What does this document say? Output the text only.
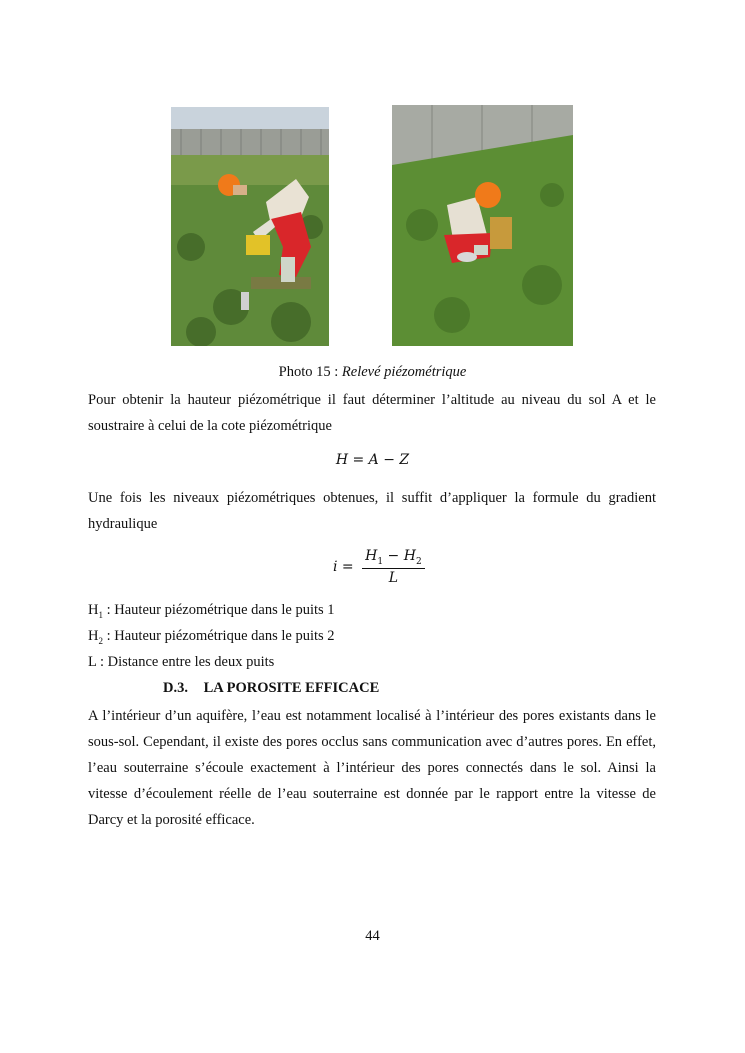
Photo 15 : Relevé piézométrique
Pour obtenir la hauteur piézométrique il faut déterminer l’altitude au niveau du sol A et le soustraire à celui de la cote piézométrique
H = A − Z
Une fois les niveaux piézométriques obtenues, il suffit d’appliquer la formule du gradient hydraulique
$i = \frac{H_1 - H_2}{L}$
$H_1$ : Hauteur piézométrique dans le puits 1
$H_2$ : Hauteur piézométrique dans le puits 2
L : Distance entre les deux puits
D.3. LA POROSITE EFFICACE
A l’intérieur d’un aquifère, l’eau est notamment localisé à l’intérieur des pores existants dans le sous-sol. Cependant, il existe des pores occlus sans communication avec d’autres pores. En effet, l’eau souterraine s’écoule exactement à l’intérieur des pores connectés dans le sol. Ainsi la vitesse d’écoulement réelle de l’eau souterraine est donnée par le rapport entre la vitesse de Darcy et la porosité efficace.
44
